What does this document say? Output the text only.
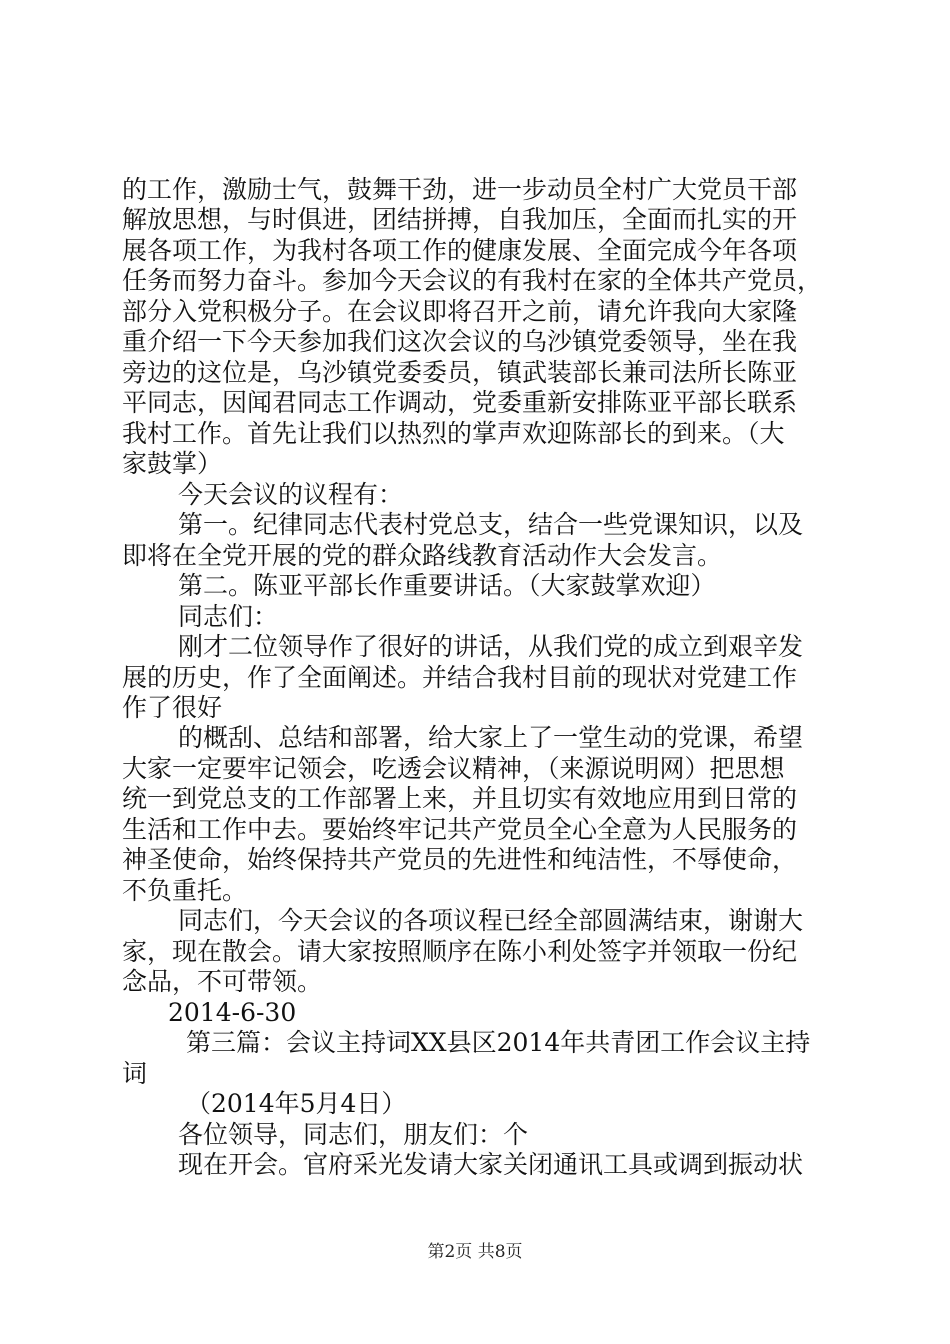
的工作，激励士气，鼓舞干劲，进一步动员全村广大党员干部
解放思想，与时俱进，团结拼搏，自我加压，全面而扎实的开
展各项工作，为我村各项工作的健康发展、全面完成今年各项
任务而努力奋斗。参加今天会议的有我村在家的全体共产党员，
部分入党积极分子。在会议即将召开之前，请允许我向大家隆
重介绍一下今天参加我们这次会议的乌沙镇党委领导，坐在我
旁边的这位是，乌沙镇党委委员，镇武装部长兼司法所长陈亚
平同志，因闻君同志工作调动，党委重新安排陈亚平部长联系
我村工作。首先让我们以热烈的掌声欢迎陈部长的到来。（大
家鼓掌）
今天会议的议程有：
第一。纪律同志代表村党总支，结合一些党课知识，以及
即将在全党开展的党的群众路线教育活动作大会发言。
第二。陈亚平部长作重要讲话。（大家鼓掌欢迎）
同志们：
刚才二位领导作了很好的讲话，从我们党的成立到艰辛发
展的历史，作了全面阐述。并结合我村目前的现状对党建工作
作了很好
的概刮、总结和部署，给大家上了一堂生动的党课，希望
大家一定要牢记领会，吃透会议精神，（来源说明网）把思想
统一到党总支的工作部署上来，并且切实有效地应用到日常的
生活和工作中去。要始终牢记共产党员全心全意为人民服务的
神圣使命，始终保持共产党员的先进性和纯洁性，不辱使命，
不负重托。
同志们，今天会议的各项议程已经全部圆满结束，谢谢大
家，现在散会。请大家按照顺序在陈小利处签字并领取一份纪
念品，不可带领。
2014-6-30
第三篇：会议主持词XX县区2014年共青团工作会议主持
词
（2014年5月4日）
各位领导，同志们，朋友们：个
现在开会。官府采光发请大家关闭通讯工具或调到振动状
第2页 共8页
